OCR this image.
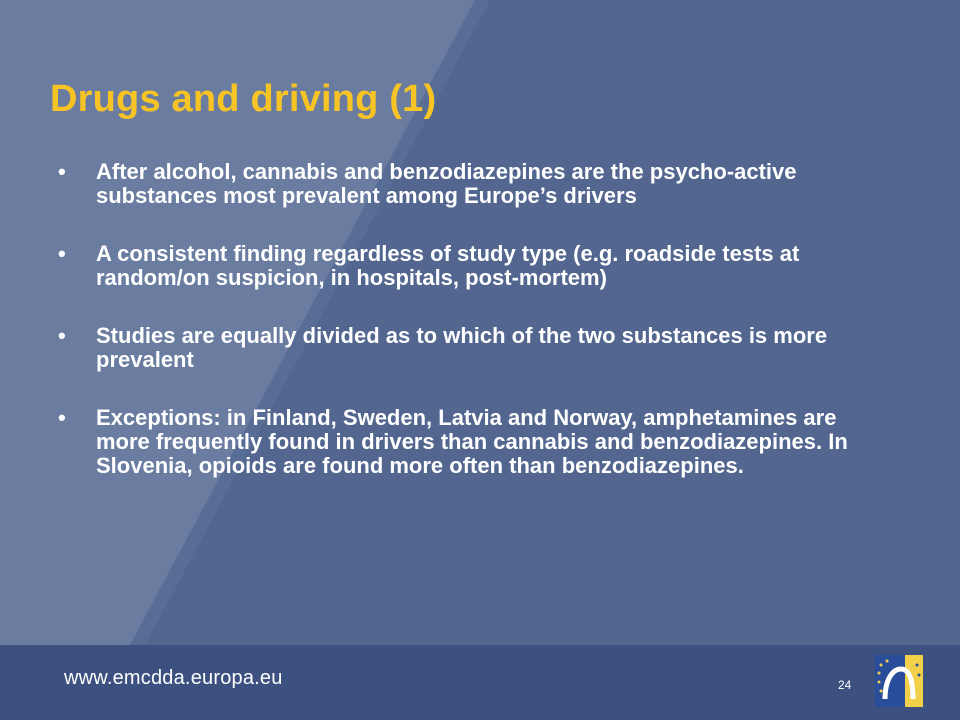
Drugs and driving (1)
• After alcohol, cannabis and benzodiazepines are the psycho-active substances most prevalent among Europe’s drivers
• A consistent finding regardless of study type (e.g. roadside tests at random/on suspicion, in hospitals, post-mortem)
• Studies are equally divided as to which of the two substances is more prevalent
• Exceptions: in Finland, Sweden, Latvia and Norway, amphetamines are more frequently found in drivers than cannabis and benzodiazepines. In Slovenia, opioids are found more often than benzodiazepines.
www.emcdda.europa.eu	24
